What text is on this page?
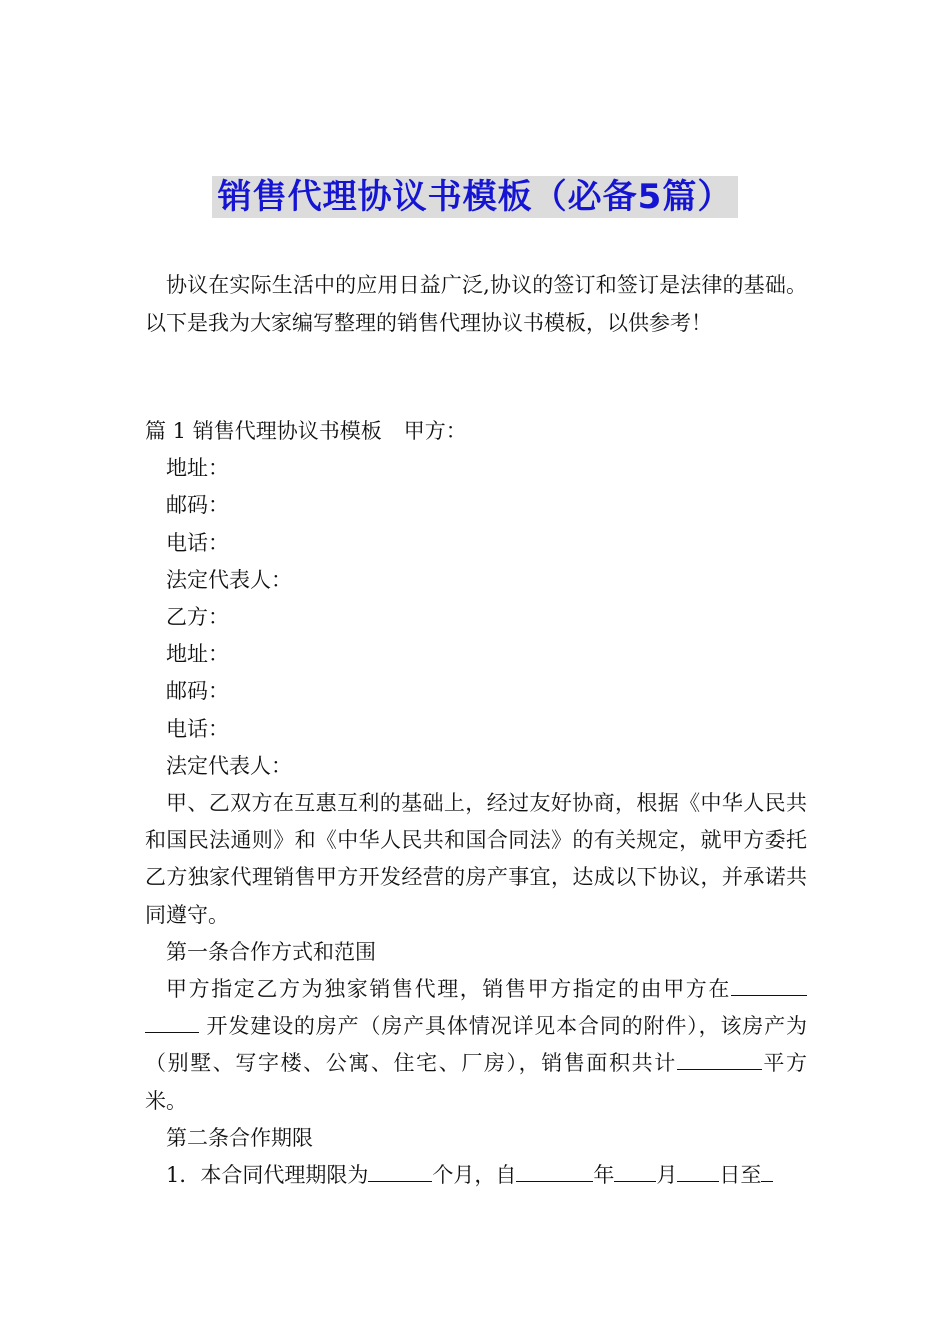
销售代理协议书模板（必备5篇）

协议在实际生活中的应用日益广泛,协议的签订和签订是法律的基础。以下是我为大家编写整理的销售代理协议书模板，以供参考！

篇 1 销售代理协议书模板 甲方：

地址：

邮码：

电话：

法定代表人：

乙方：

地址：

邮码：

电话：

法定代表人：

甲、乙双方在互惠互利的基础上，经过友好协商，根据《中华人民共和国民法通则》和《中华人民共和国合同法》的有关规定，就甲方委托乙方独家代理销售甲方开发经营的房产事宜，达成以下协议，并承诺共同遵守。

第一条合作方式和范围

甲方指定乙方为独家销售代理，销售甲方指定的由甲方在 开发建设的房产（房产具体情况详见本合同的附件），该房产为（别墅、写字楼、公寓、住宅、厂房），销售面积共计	平方米。

第二条合作期限

1．本合同代理期限为	个月，自	年 月 日至
